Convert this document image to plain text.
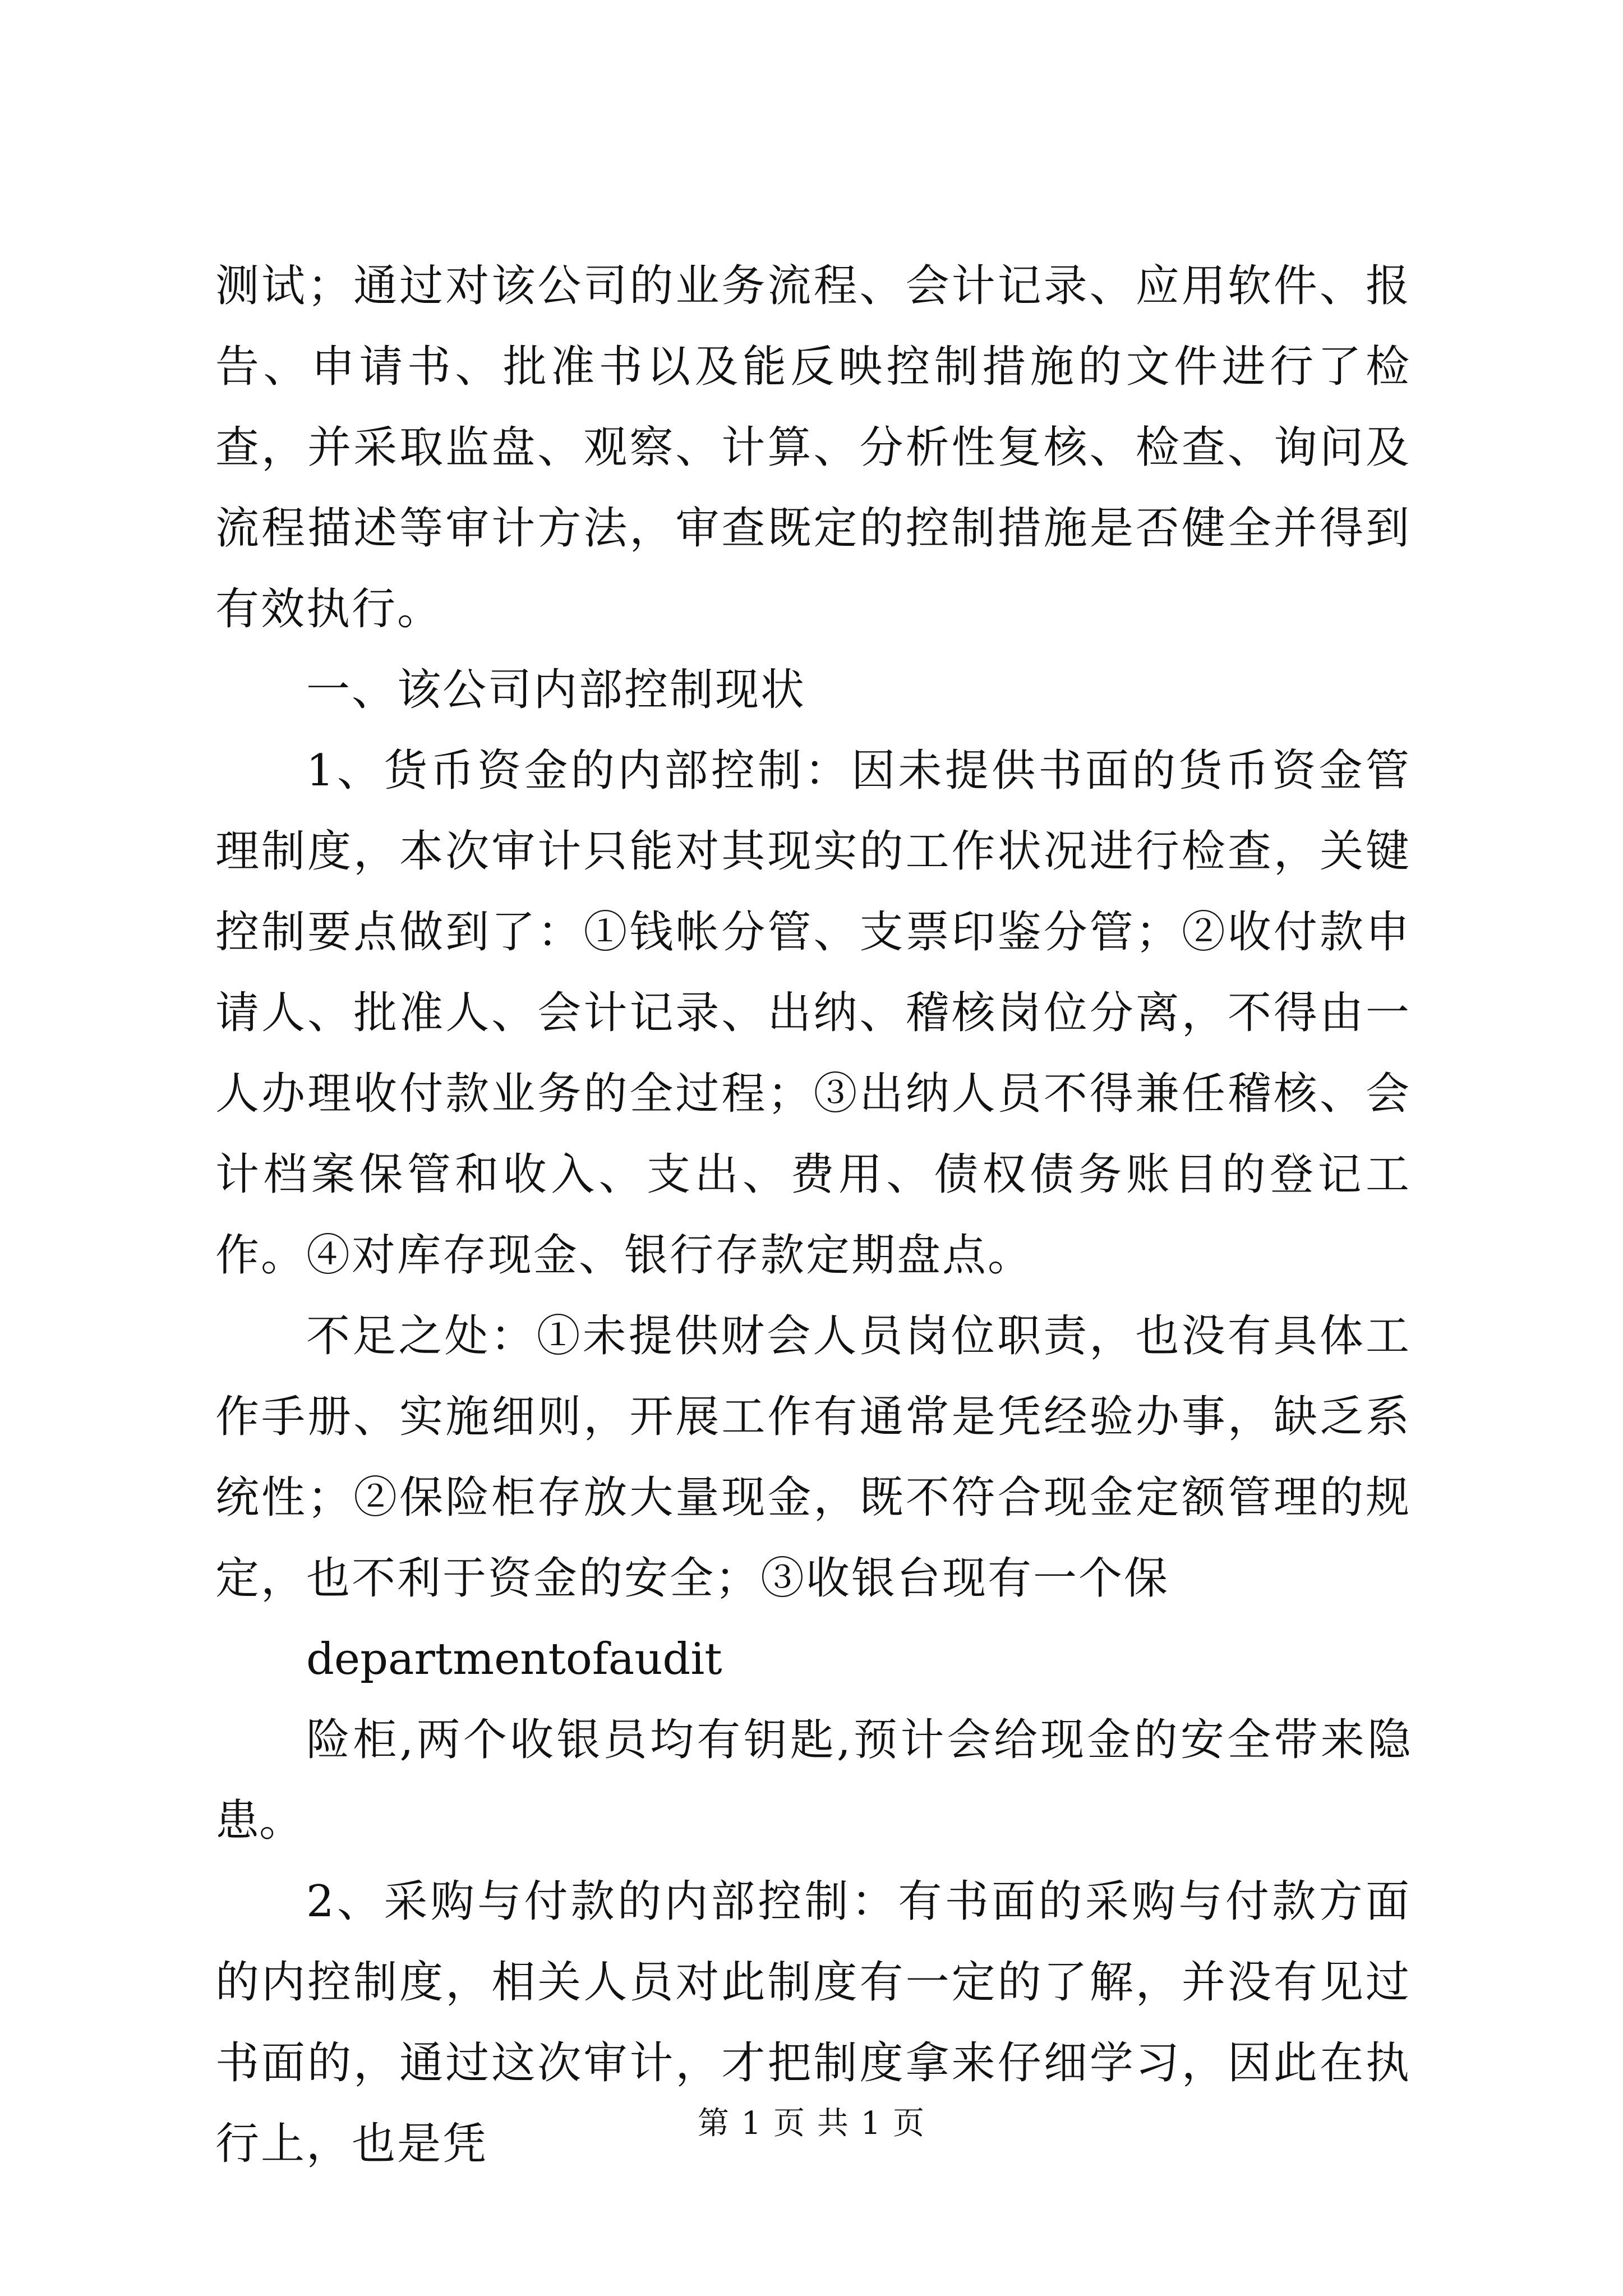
测试；通过对该公司的业务流程、会计记录、应用软件、报告、申请书、批准书以及能反映控制措施的文件进行了检查，并采取监盘、观察、计算、分析性复核、检查、询问及流程描述等审计方法，审查既定的控制措施是否健全并得到有效执行。

一、该公司内部控制现状

1、货币资金的内部控制：因未提供书面的货币资金管理制度，本次审计只能对其现实的工作状况进行检查，关键控制要点做到了：①钱帐分管、支票印鉴分管；②收付款申请人、批准人、会计记录、出纳、稽核岗位分离，不得由一人办理收付款业务的全过程；③出纳人员不得兼任稽核、会计档案保管和收入、支出、费用、债权债务账目的登记工作。④对库存现金、银行存款定期盘点。

不足之处：①未提供财会人员岗位职责，也没有具体工作手册、实施细则，开展工作有通常是凭经验办事，缺乏系统性；②保险柜存放大量现金，既不符合现金定额管理的规定，也不利于资金的安全；③收银台现有一个保

departmentofaudit

险柜,两个收银员均有钥匙,预计会给现金的安全带来隐患。

2、采购与付款的内部控制：有书面的采购与付款方面的内控制度，相关人员对此制度有一定的了解，并没有见过书面的，通过这次审计，才把制度拿来仔细学习，因此在执行上，也是凭	第 1 页 共 1 页
